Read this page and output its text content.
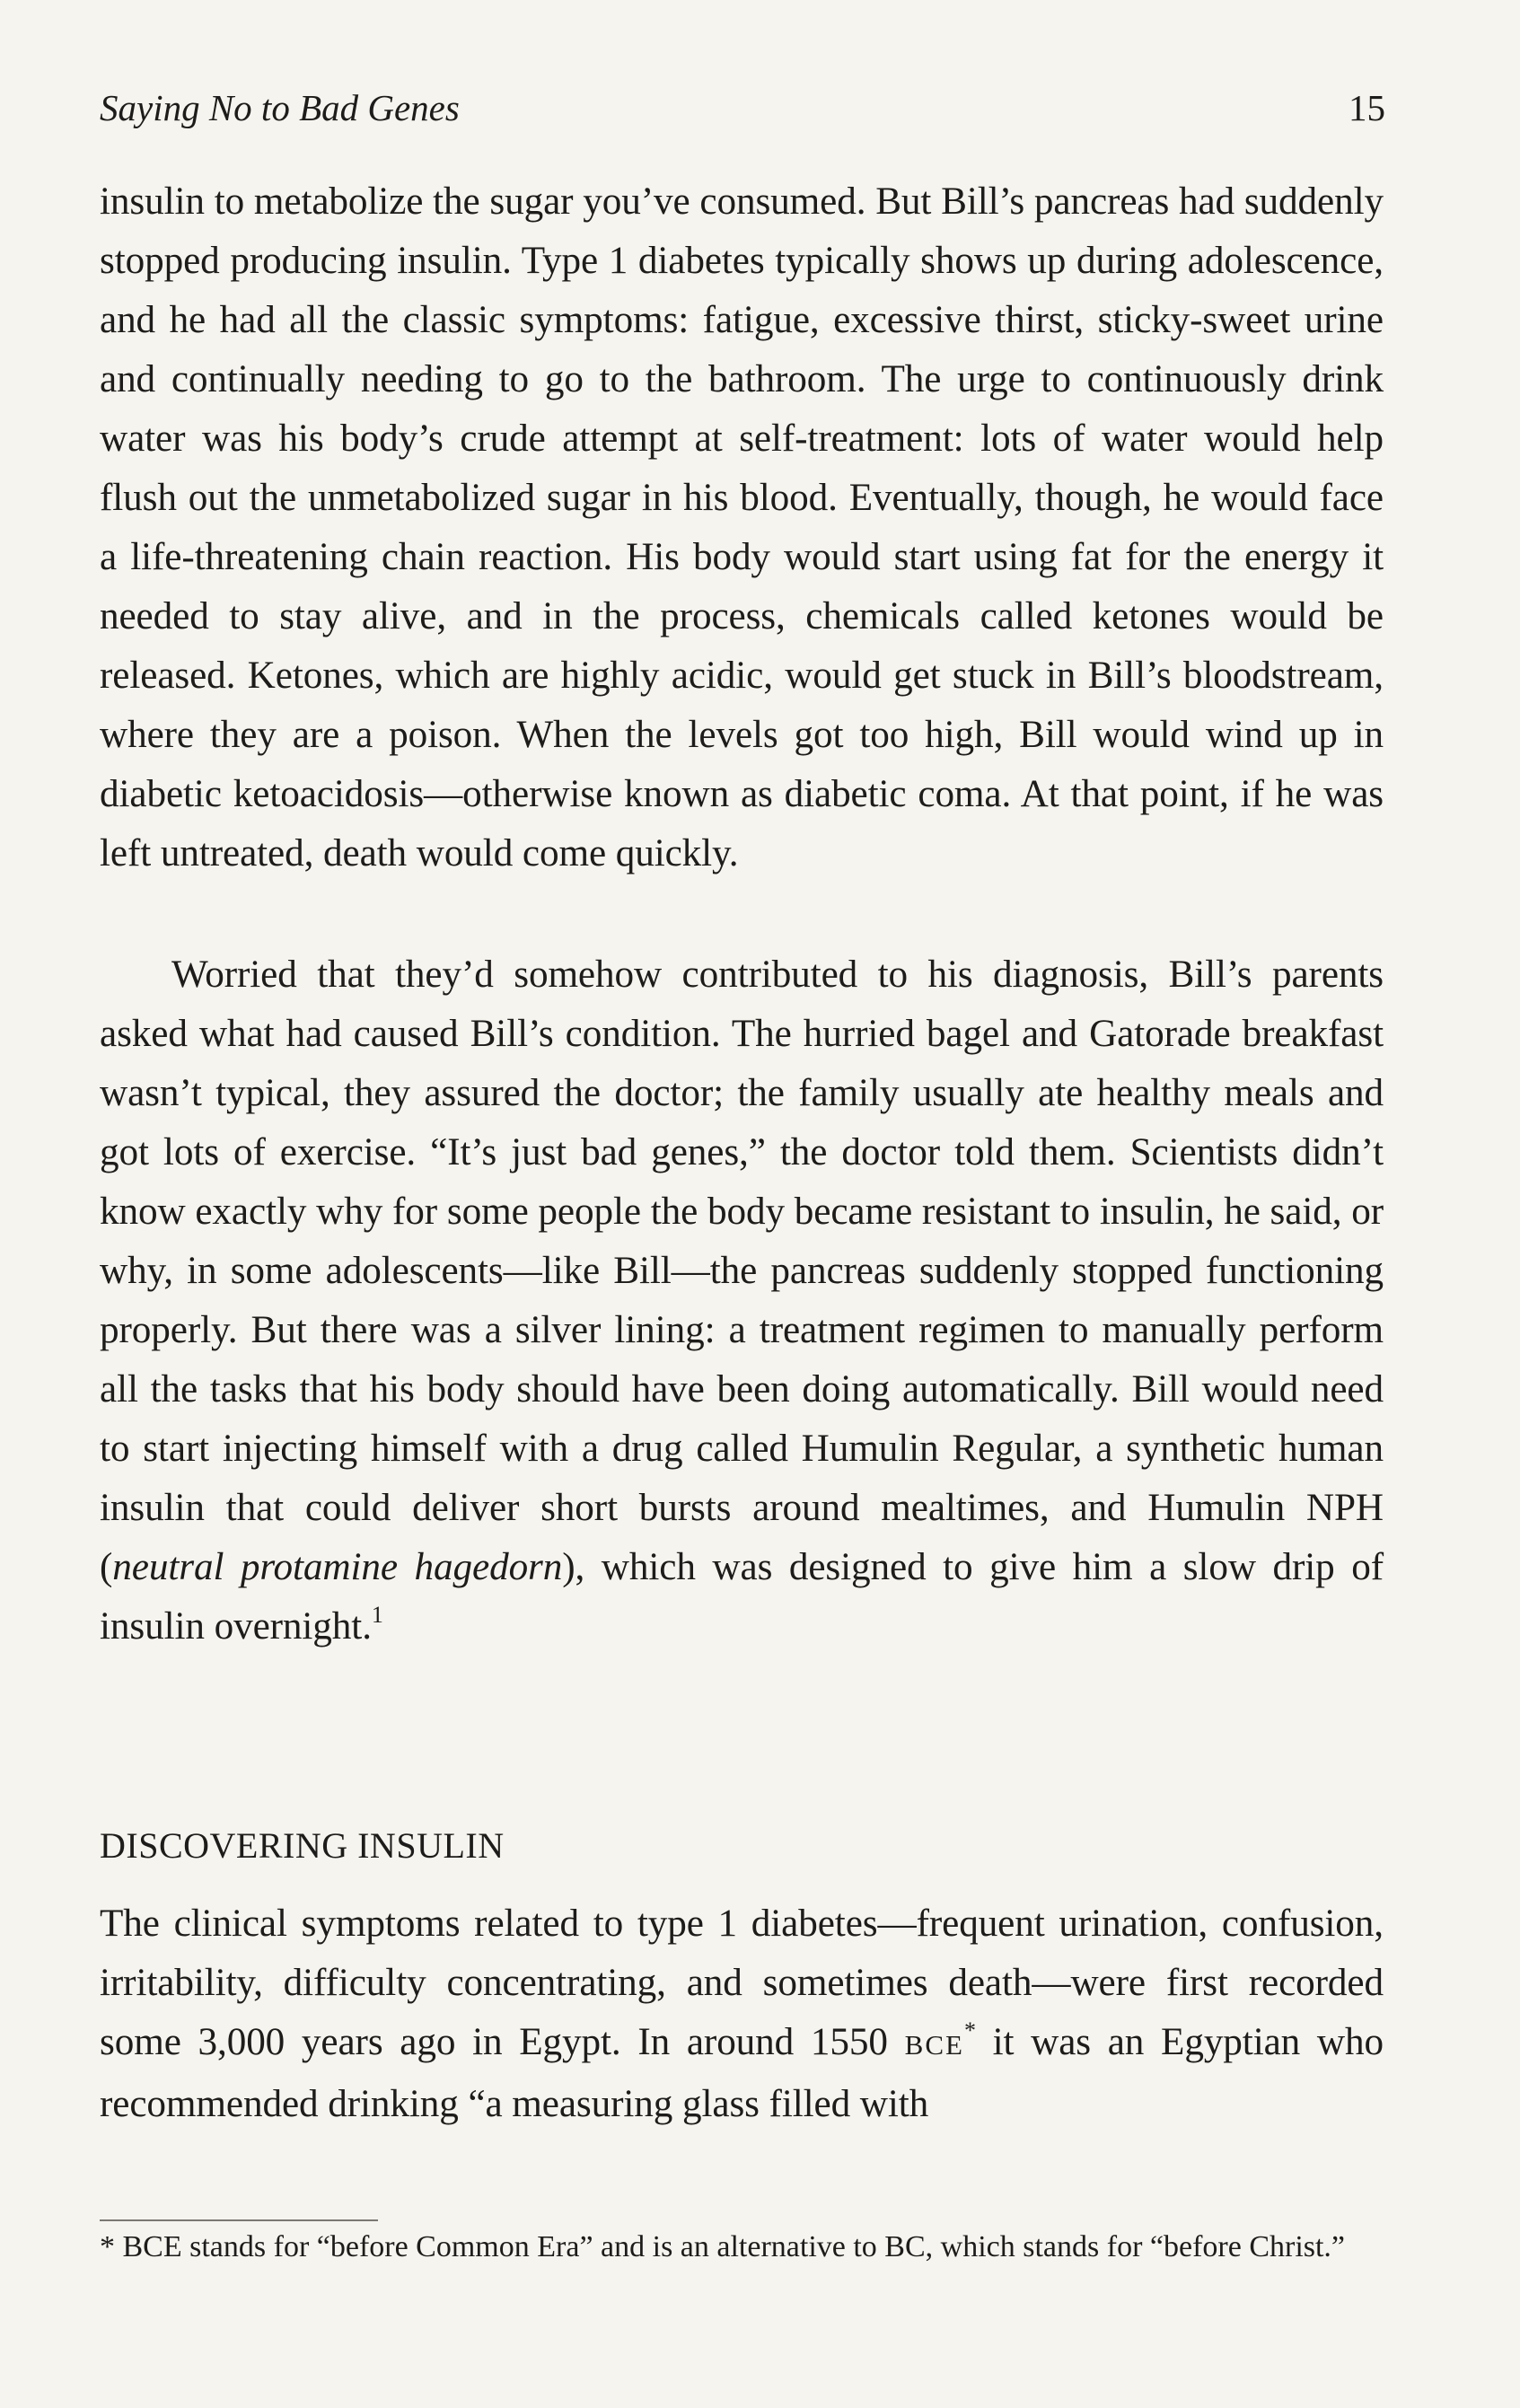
Saying No to Bad Genes	15

insulin to metabolize the sugar you’ve consumed. But Bill’s pancreas had suddenly stopped producing insulin. Type 1 diabetes typically shows up during adolescence, and he had all the classic symptoms: fatigue, excessive thirst, sticky-sweet urine and continually needing to go to the bathroom. The urge to continuously drink water was his body’s crude attempt at self-treatment: lots of water would help flush out the unmetabolized sugar in his blood. Eventually, though, he would face a life-threatening chain reaction. His body would start using fat for the energy it needed to stay alive, and in the process, chemicals called ketones would be released. Ketones, which are highly acidic, would get stuck in Bill’s bloodstream, where they are a poison. When the levels got too high, Bill would wind up in diabetic ketoacidosis—otherwise known as diabetic coma. At that point, if he was left untreated, death would come quickly.

Worried that they’d somehow contributed to his diagnosis, Bill’s parents asked what had caused Bill’s condition. The hurried bagel and Gatorade breakfast wasn’t typical, they assured the doctor; the family usually ate healthy meals and got lots of exercise. “It’s just bad genes,” the doctor told them. Scientists didn’t know exactly why for some people the body became resistant to insulin, he said, or why, in some adolescents—like Bill—the pancreas suddenly stopped functioning properly. But there was a silver lining: a treatment regimen to manually perform all the tasks that his body should have been doing automatically. Bill would need to start injecting himself with a drug called Humulin Regular, a synthetic human insulin that could deliver short bursts around mealtimes, and Humulin NPH (neutral protamine hagedorn), which was designed to give him a slow drip of insulin overnight.$^1$

DISCOVERING INSULIN

The clinical symptoms related to type 1 diabetes—frequent urination, confusion, irritability, difficulty concentrating, and sometimes death—were first recorded some 3,000 years ago in Egypt. In around 1550 BCE* it was an Egyptian who recommended drinking “a measuring glass filled with

* BCE stands for “before Common Era” and is an alternative to BC, which stands for “before Christ.”
